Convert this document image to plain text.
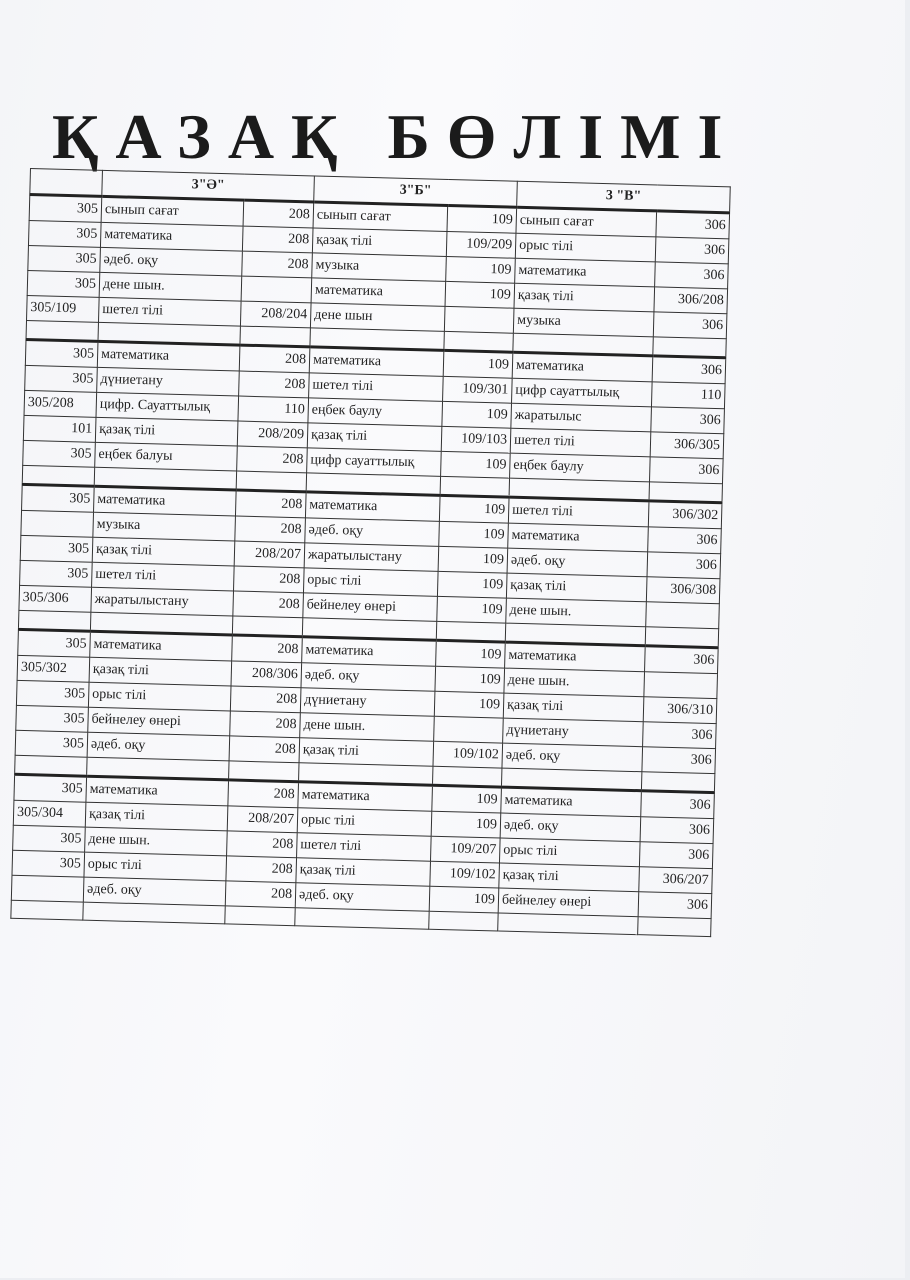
ҚАЗАҚ БӨЛІМІ
	3"Ә"		3"Б"		3 "В"	
305	сынып сағат	208	сынып сағат	109	сынып сағат	306
305	математика	208	қазақ тілі	109/209	орыс тілі	306
305	әдеб. оқу	208	музыка	109	математика	306
305	дене шын.		математика	109	қазақ тілі	306/208
305/109	шетел тілі	208/204	дене шын		музыка	306

305	математика	208	математика	109	математика	306
305	дүниетану	208	шетел тілі	109/301	цифр сауаттылық	110
305/208	цифр. Сауаттылық	110	еңбек баулу	109	жаратылыс	306
101	қазақ тілі	208/209	қазақ тілі	109/103	шетел тілі	306/305
305	еңбек балуы	208	цифр сауаттылық	109	еңбек баулу	306

305	математика	208	математика	109	шетел тілі	306/302
	музыка	208	әдеб. оқу	109	математика	306
305	қазақ тілі	208/207	жаратылыстану	109	әдеб. оқу	306
305	шетел тілі	208	орыс тілі	109	қазақ тілі	306/308
305/306	жаратылыстану	208	бейнелеу өнері	109	дене шын.	

305	математика	208	математика	109	математика	306
305/302	қазақ тілі	208/306	әдеб. оқу	109	дене шын.	
305	орыс тілі	208	дүниетану	109	қазақ тілі	306/310
305	бейнелеу өнері	208	дене шын.		дүниетану	306
305	әдеб. оқу	208	қазақ тілі	109/102	әдеб. оқу	306

305	математика	208	математика	109	математика	306
305/304	қазақ тілі	208/207	орыс тілі	109	әдеб. оқу	306
305	дене шын.	208	шетел тілі	109/207	орыс тілі	306
305	орыс тілі	208	қазақ тілі	109/102	қазақ тілі	306/207
	әдеб. оқу	208	әдеб. оқу	109	бейнелеу өнері	306
